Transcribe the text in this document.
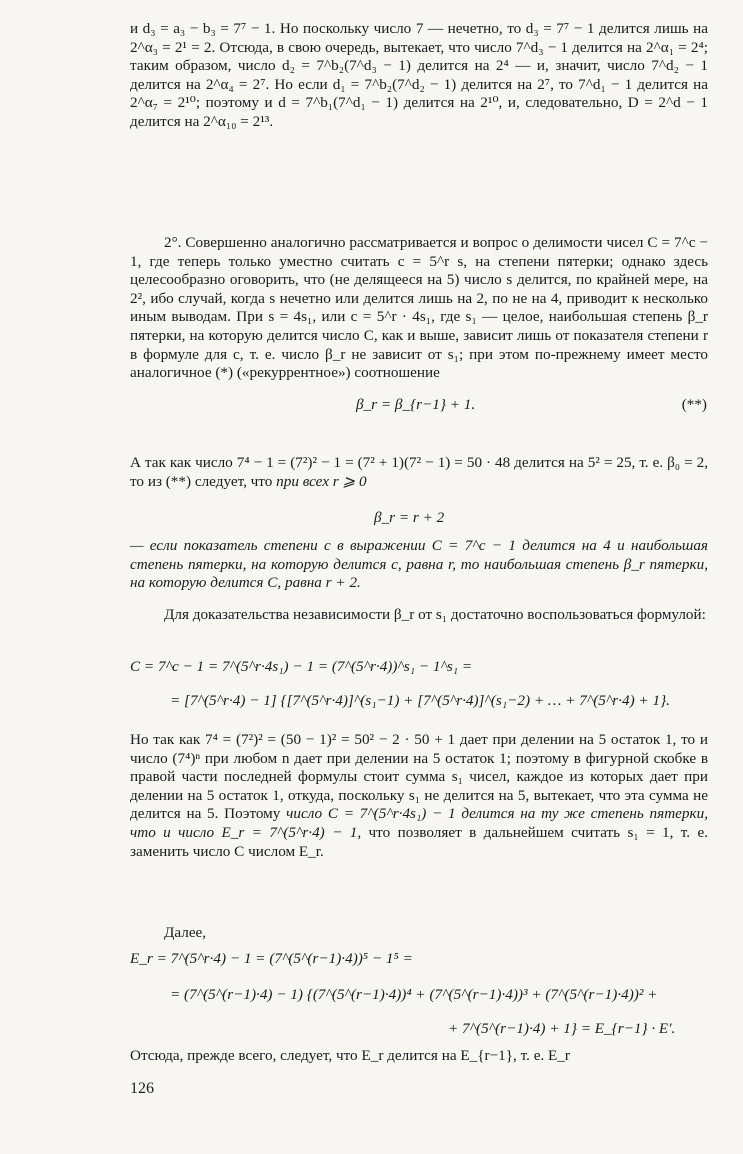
и d₃ = a₃ − b₃ = 7⁷ − 1. Но поскольку число 7 — нечетно, то d₃ = 7⁷ − 1 делится лишь на 2^α₃ = 2¹ = 2. Отсюда, в свою очередь, вытекает, что число 7^d₃ − 1 делится на 2^α₁ = 2⁴; таким образом, число d₂ = 7^b₂(7^d₃ − 1) делится на 2⁴ — и, значит, число 7^d₂ − 1 делится на 2^α₄ = 2⁷. Но если d₁ = 7^b₂(7^d₂ − 1) делится на 2⁷, то 7^d₁ − 1 делится на 2^α₇ = 2¹⁰; поэтому и d = 7^b₁(7^d₁ − 1) делится на 2¹⁰, и, следовательно, D = 2^d − 1 делится на 2^α₁₀ = 2¹³.

2°. Совершенно аналогично рассматривается и вопрос о делимости чисел C = 7^c − 1, где теперь только уместно считать c = 5^r s, на степени пятерки; однако здесь целесообразно оговорить, что (не делящееся на 5) число s делится, по крайней мере, на 2², ибо случай, когда s нечетно или делится лишь на 2, по не на 4, приводит к несколько иным выводам. При s = 4s₁, или c = 5^r · 4s₁, где s₁ — целое, наибольшая степень β_r пятерки, на которую делится число C, как и выше, зависит лишь от показателя степени r в формуле для c, т. е. число β_r не зависит от s₁; при этом по-прежнему имеет место аналогичное (*) («рекуррентное») соотношение

β_r = β_{r−1} + 1.	(**)

А так как число 7⁴ − 1 = (7²)² − 1 = (7² + 1)(7² − 1) = 50 · 48 делится на 5² = 25, т. е. β₀ = 2, то из (**) следует, что при всех r ⩾ 0

β_r = r + 2

— если показатель степени c в выражении C = 7^c − 1 делится на 4 и наибольшая степень пятерки, на которую делится c, равна r, то наибольшая степень β_r пятерки, на которую делится C, равна r + 2.

Для доказательства независимости β_r от s₁ достаточно воспользоваться формулой:

C = 7^c − 1 = 7^(5^r·4s₁) − 1 = (7^(5^r·4))^s₁ − 1^s₁ =
= [7^(5^r·4) − 1] {[7^(5^r·4)]^(s₁−1) + [7^(5^r·4)]^(s₁−2) + … + 7^(5^r·4) + 1}.

Но так как 7⁴ = (7²)² = (50 − 1)² = 50² − 2 · 50 + 1 дает при делении на 5 остаток 1, то и число (7⁴)ⁿ при любом n дает при делении на 5 остаток 1; поэтому в фигурной скобке в правой части последней формулы стоит сумма s₁ чисел, каждое из которых дает при делении на 5 остаток 1, откуда, поскольку s₁ не делится на 5, вытекает, что эта сумма не делится на 5. Поэтому число C = 7^(5^r·4s₁) − 1 делится на ту же степень пятерки, что и число E_r = 7^(5^r·4) − 1, что позволяет в дальнейшем считать s₁ = 1, т. е. заменить число C числом E_r.

Далее,

E_r = 7^(5^r·4) − 1 = (7^(5^(r−1)·4))⁵ − 1⁵ =
= (7^(5^(r−1)·4) − 1) {(7^(5^(r−1)·4))⁴ + (7^(5^(r−1)·4))³ + (7^(5^(r−1)·4))² +
+ 7^(5^(r−1)·4) + 1} = E_{r−1} · E′.

Отсюда, прежде всего, следует, что E_r делится на E_{r−1}, т. е. E_r

126
